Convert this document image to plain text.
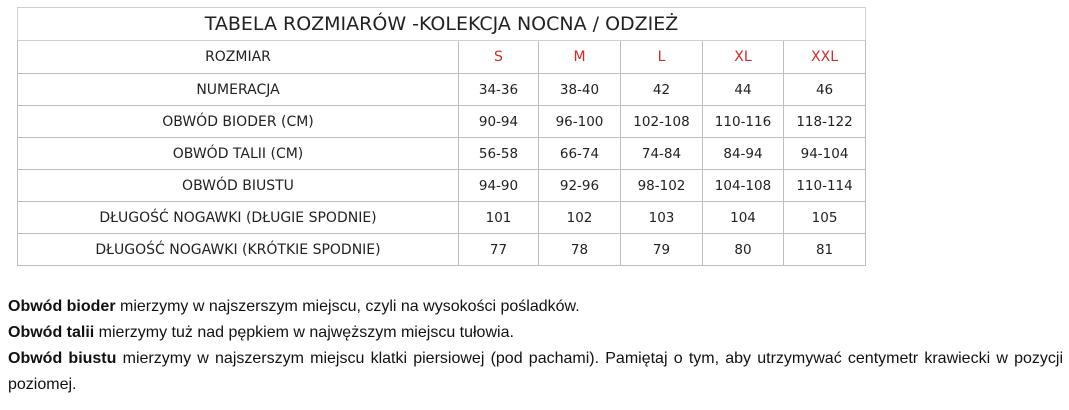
TABELA ROZMIARÓW -KOLEKCJA NOCNA / ODZIEŻ					
ROZMIAR	S	M	L	XL	XXL
NUMERACJA	34-36	38-40	42	44	46
OBWÓD BIODER (CM)	90-94	96-100	102-108	110-116	118-122
OBWÓD TALII (CM)	56-58	66-74	74-84	84-94	94-104
OBWÓD BIUSTU	94-90	92-96	98-102	104-108	110-114
DŁUGOŚĆ NOGAWKI (DŁUGIE SPODNIE)	101	102	103	104	105
DŁUGOŚĆ NOGAWKI (KRÓTKIE SPODNIE)	77	78	79	80	81

Obwód bioder mierzymy w najszerszym miejscu, czyli na wysokości pośladków.

Obwód talii mierzymy tuż nad pępkiem w najwęższym miejscu tułowia.

Obwód biustu mierzymy w najszerszym miejscu klatki piersiowej (pod pachami). Pamiętaj o tym, aby utrzymywać centymetr krawiecki w pozycji poziomej.
